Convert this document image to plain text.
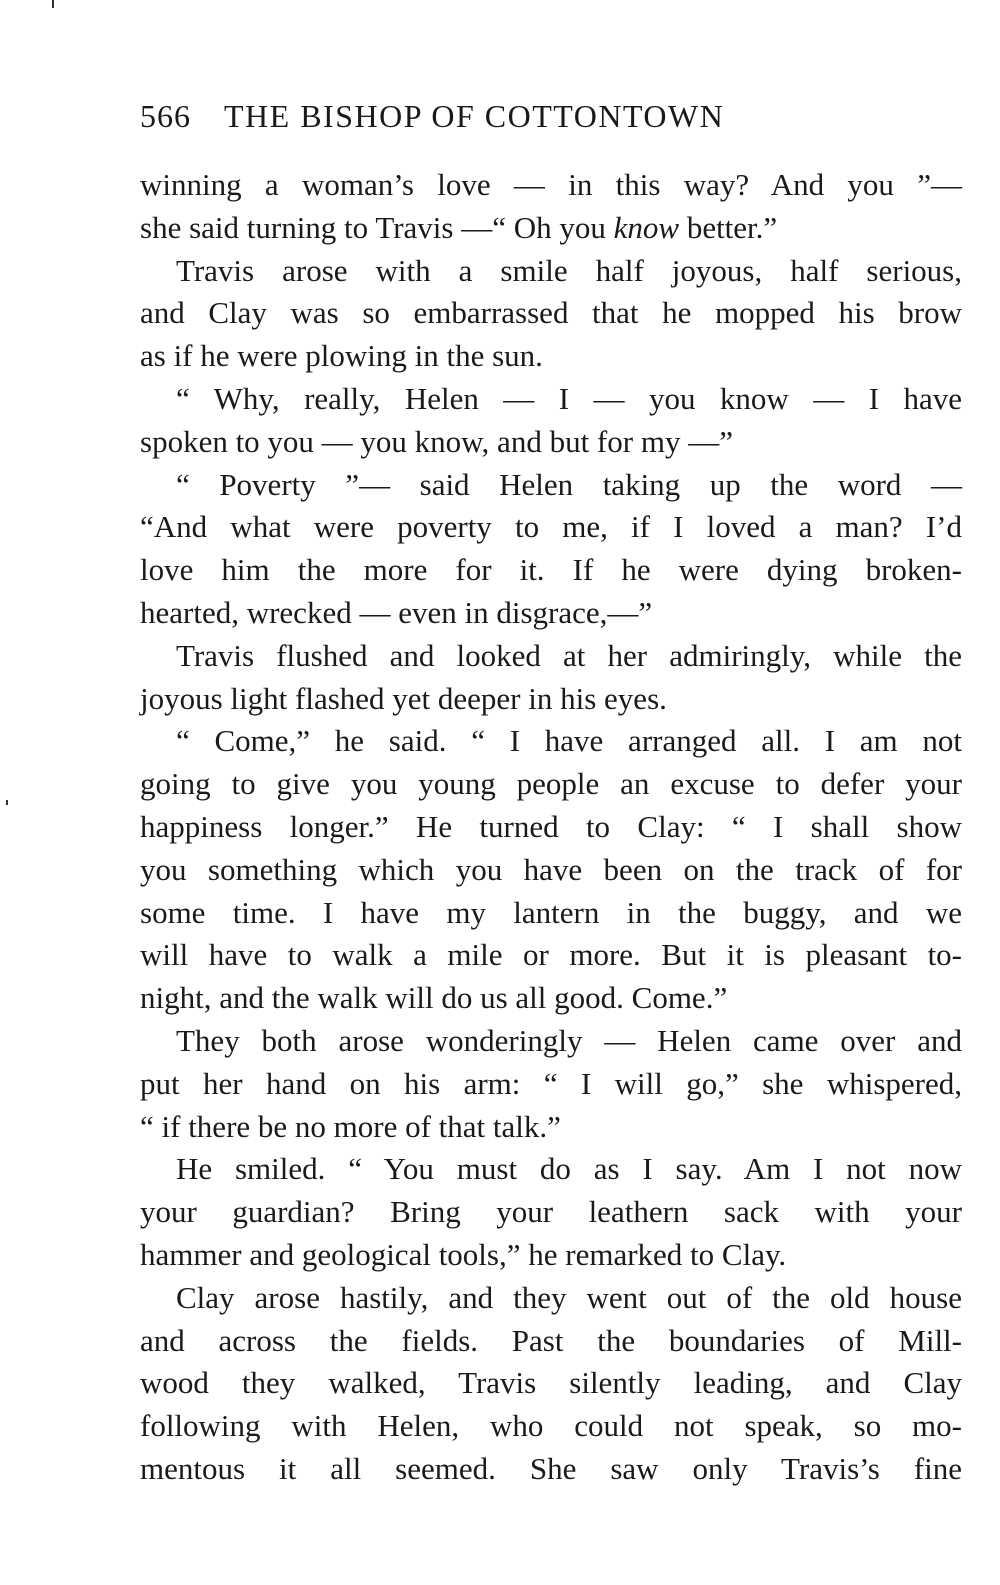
566 THE BISHOP OF COTTONTOWN
winning a woman’s love — in this way? And you ”—
she said turning to Travis —“ Oh you know better.”
Travis arose with a smile half joyous, half serious,
and Clay was so embarrassed that he mopped his brow
as if he were plowing in the sun.
“ Why, really, Helen — I — you know — I have
spoken to you — you know, and but for my —”
“ Poverty ”— said Helen taking up the word —
“And what were poverty to me, if I loved a man? I’d
love him the more for it. If he were dying broken-
hearted, wrecked — even in disgrace,—”
Travis flushed and looked at her admiringly, while the
joyous light flashed yet deeper in his eyes.
“ Come,” he said. “ I have arranged all. I am not
going to give you young people an excuse to defer your
happiness longer.” He turned to Clay: “ I shall show
you something which you have been on the track of for
some time. I have my lantern in the buggy, and we
will have to walk a mile or more. But it is pleasant to-
night, and the walk will do us all good. Come.”
They both arose wonderingly — Helen came over and
put her hand on his arm: “ I will go,” she whispered,
“ if there be no more of that talk.”
He smiled. “ You must do as I say. Am I not now
your guardian? Bring your leathern sack with your
hammer and geological tools,” he remarked to Clay.
Clay arose hastily, and they went out of the old house
and across the fields. Past the boundaries of Mill-
wood they walked, Travis silently leading, and Clay
following with Helen, who could not speak, so mo-
mentous it all seemed. She saw only Travis’s fine
